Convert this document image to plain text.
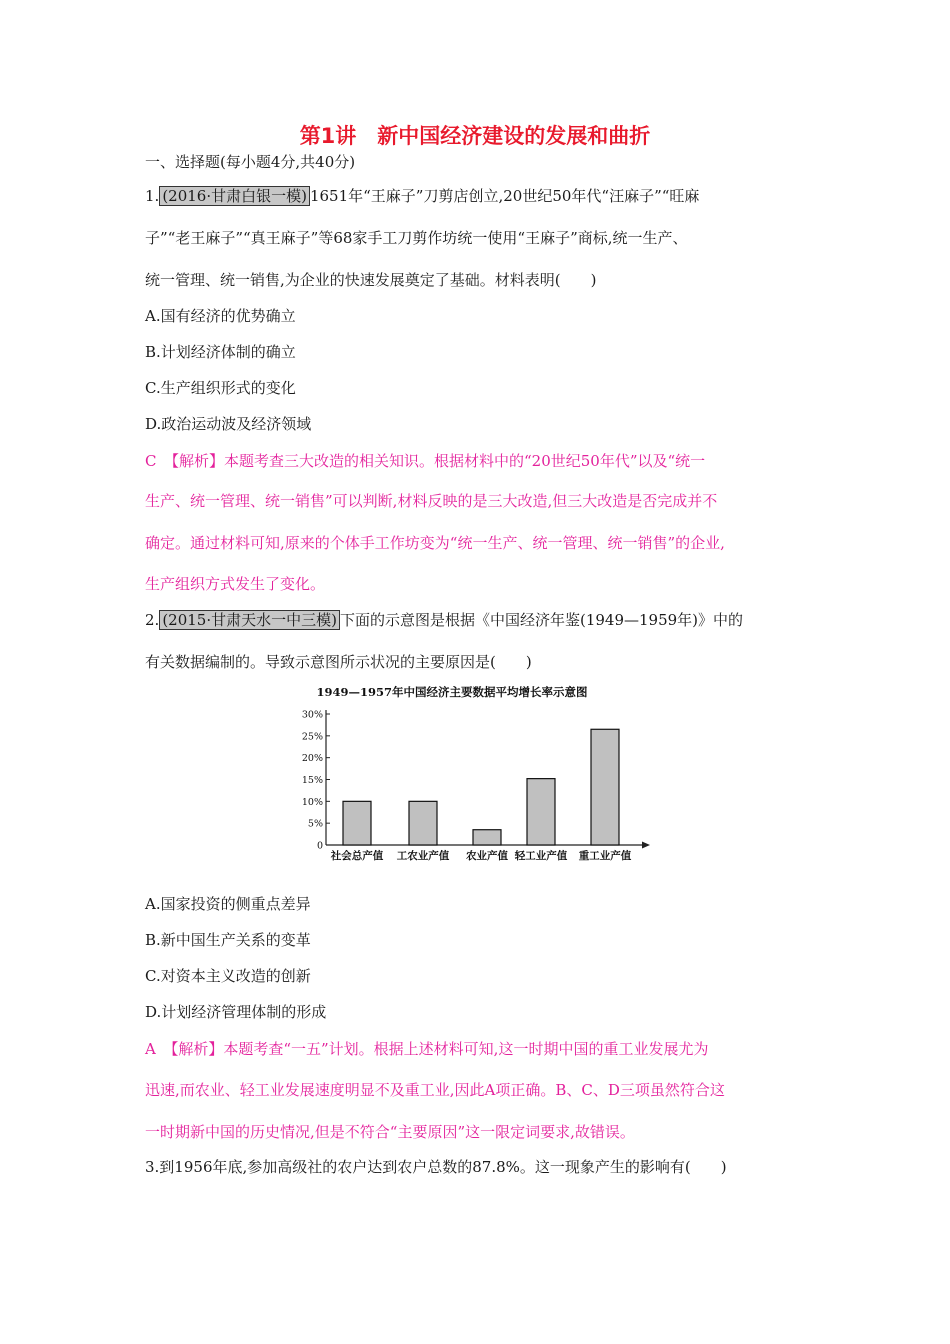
第1讲　新中国经济建设的发展和曲折
一、选择题(每小题4分,共40分)
1. (2016·甘肃白银一模) 1651年“王麻子”刀剪店创立,20世纪50年代“汪麻子”“旺麻
子”“老王麻子”“真王麻子”等68家手工刀剪作坊统一使用“王麻子”商标,统一生产、
统一管理、统一销售,为企业的快速发展奠定了基础。材料表明(　　)
A.国有经济的优势确立
B.计划经济体制的确立
C.生产组织形式的变化
D.政治运动波及经济领域
C　【解析】本题考查三大改造的相关知识。根据材料中的“20世纪50年代”以及“统一
生产、统一管理、统一销售”可以判断,材料反映的是三大改造,但三大改造是否完成并不
确定。通过材料可知,原来的个体手工作坊变为“统一生产、统一管理、统一销售”的企业,
生产组织方式发生了变化。
2. (2015·甘肃天水一中三模) 下面的示意图是根据《中国经济年鉴(1949—1959年)》中的
有关数据编制的。导致示意图所示状况的主要原因是(　　)
1949—1957年中国经济主要数据平均增长率示意图
0
5%
10%
15%
20%
25%
30%
社会总产值 工农业产值 农业产值 轻工业产值 重工业产值
A.国家投资的侧重点差异
B.新中国生产关系的变革
C.对资本主义改造的创新
D.计划经济管理体制的形成
A　【解析】本题考查“一五”计划。根据上述材料可知,这一时期中国的重工业发展尤为
迅速,而农业、轻工业发展速度明显不及重工业,因此A项正确。B、C、D三项虽然符合这
一时期新中国的历史情况,但是不符合“主要原因”这一限定词要求,故错误。
3.到1956年底,参加高级社的农户达到农户总数的87.8%。这一现象产生的影响有(　　)
